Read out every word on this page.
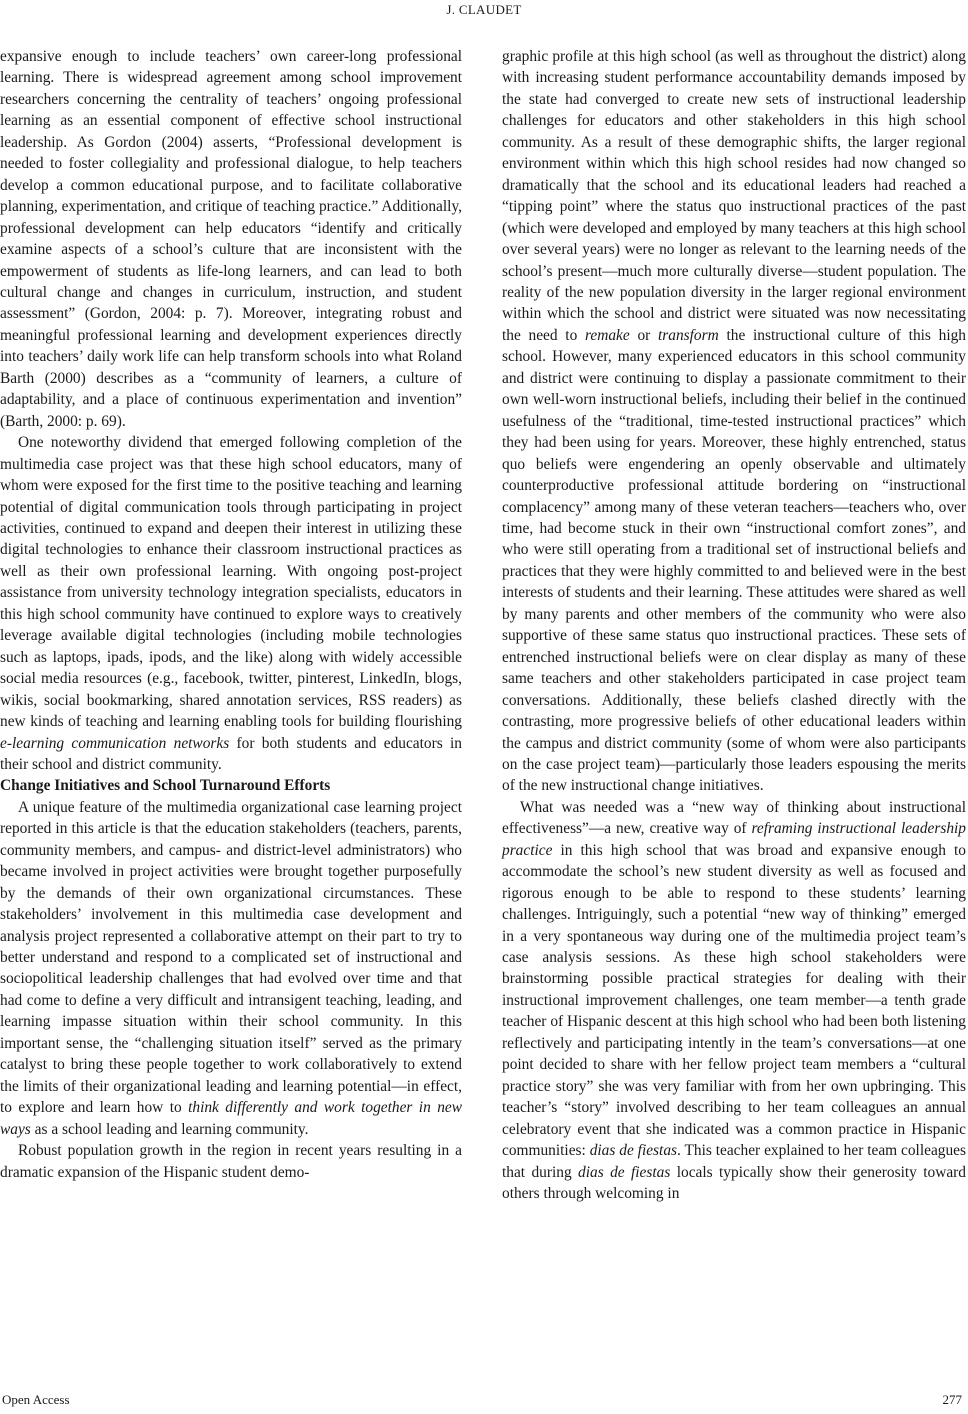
J. CLAUDET

expansive enough to include teachers’ own career-long professional learning. There is widespread agreement among school improvement researchers concerning the centrality of teachers’ ongoing professional learning as an essential component of effective school instructional leadership. As Gordon (2004) asserts, “Professional development is needed to foster collegiality and professional dialogue, to help teachers develop a common educational purpose, and to facilitate collaborative planning, experimentation, and critique of teaching practice.” Additionally, professional development can help educators “identify and critically examine aspects of a school’s culture that are inconsistent with the empowerment of students as life-long learners, and can lead to both cultural change and changes in curriculum, instruction, and student assessment” (Gordon, 2004: p. 7). Moreover, integrating robust and meaningful professional learning and development experiences directly into teachers’ daily work life can help transform schools into what Roland Barth (2000) describes as a “community of learners, a culture of adaptability, and a place of continuous experimentation and invention” (Barth, 2000: p. 69).

One noteworthy dividend that emerged following completion of the multimedia case project was that these high school educators, many of whom were exposed for the first time to the positive teaching and learning potential of digital communication tools through participating in project activities, continued to expand and deepen their interest in utilizing these digital technologies to enhance their classroom instructional practices as well as their own professional learning. With ongoing post-project assistance from university technology integration specialists, educators in this high school community have continued to explore ways to creatively leverage available digital technologies (including mobile technologies such as laptops, ipads, ipods, and the like) along with widely accessible social media resources (e.g., facebook, twitter, pinterest, LinkedIn, blogs, wikis, social bookmarking, shared annotation services, RSS readers) as new kinds of teaching and learning enabling tools for building flourishing e-learning communication networks for both students and educators in their school and district community.

Change Initiatives and School Turnaround Efforts

A unique feature of the multimedia organizational case learning project reported in this article is that the education stakeholders (teachers, parents, community members, and campus- and district-level administrators) who became involved in project activities were brought together purposefully by the demands of their own organizational circumstances. These stakeholders’ involvement in this multimedia case development and analysis project represented a collaborative attempt on their part to try to better understand and respond to a complicated set of instructional and sociopolitical leadership challenges that had evolved over time and that had come to define a very difficult and intransigent teaching, leading, and learning impasse situation within their school community. In this important sense, the “challenging situation itself” served as the primary catalyst to bring these people together to work collaboratively to extend the limits of their organizational leading and learning potential—in effect, to explore and learn how to think differently and work together in new ways as a school leading and learning community.

Robust population growth in the region in recent years resulting in a dramatic expansion of the Hispanic student demo-

graphic profile at this high school (as well as throughout the district) along with increasing student performance accountability demands imposed by the state had converged to create new sets of instructional leadership challenges for educators and other stakeholders in this high school community. As a result of these demographic shifts, the larger regional environment within which this high school resides had now changed so dramatically that the school and its educational leaders had reached a “tipping point” where the status quo instructional practices of the past (which were developed and employed by many teachers at this high school over several years) were no longer as relevant to the learning needs of the school’s present—much more culturally diverse—student population. The reality of the new population diversity in the larger regional environment within which the school and district were situated was now necessitating the need to remake or transform the instructional culture of this high school. However, many experienced educators in this school community and district were continuing to display a passionate commitment to their own well-worn instructional beliefs, including their belief in the continued usefulness of the “traditional, time-tested instructional practices” which they had been using for years. Moreover, these highly entrenched, status quo beliefs were engendering an openly observable and ultimately counterproductive professional attitude bordering on “instructional complacency” among many of these veteran teachers—teachers who, over time, had become stuck in their own “instructional comfort zones”, and who were still operating from a traditional set of instructional beliefs and practices that they were highly committed to and believed were in the best interests of students and their learning. These attitudes were shared as well by many parents and other members of the community who were also supportive of these same status quo instructional practices. These sets of entrenched instructional beliefs were on clear display as many of these same teachers and other stakeholders participated in case project team conversations. Additionally, these beliefs clashed directly with the contrasting, more progressive beliefs of other educational leaders within the campus and district community (some of whom were also participants on the case project team)—particularly those leaders espousing the merits of the new instructional change initiatives.

What was needed was a “new way of thinking about instructional effectiveness”—a new, creative way of reframing instructional leadership practice in this high school that was broad and expansive enough to accommodate the school’s new student diversity as well as focused and rigorous enough to be able to respond to these students’ learning challenges. Intriguingly, such a potential “new way of thinking” emerged in a very spontaneous way during one of the multimedia project team’s case analysis sessions. As these high school stakeholders were brainstorming possible practical strategies for dealing with their instructional improvement challenges, one team member—a tenth grade teacher of Hispanic descent at this high school who had been both listening reflectively and participating intently in the team’s conversations—at one point decided to share with her fellow project team members a “cultural practice story” she was very familiar with from her own upbringing. This teacher’s “story” involved describing to her team colleagues an annual celebratory event that she indicated was a common practice in Hispanic communities: dias de fiestas. This teacher explained to her team colleagues that during dias de fiestas locals typically show their generosity toward others through welcoming in

Open Access	277
